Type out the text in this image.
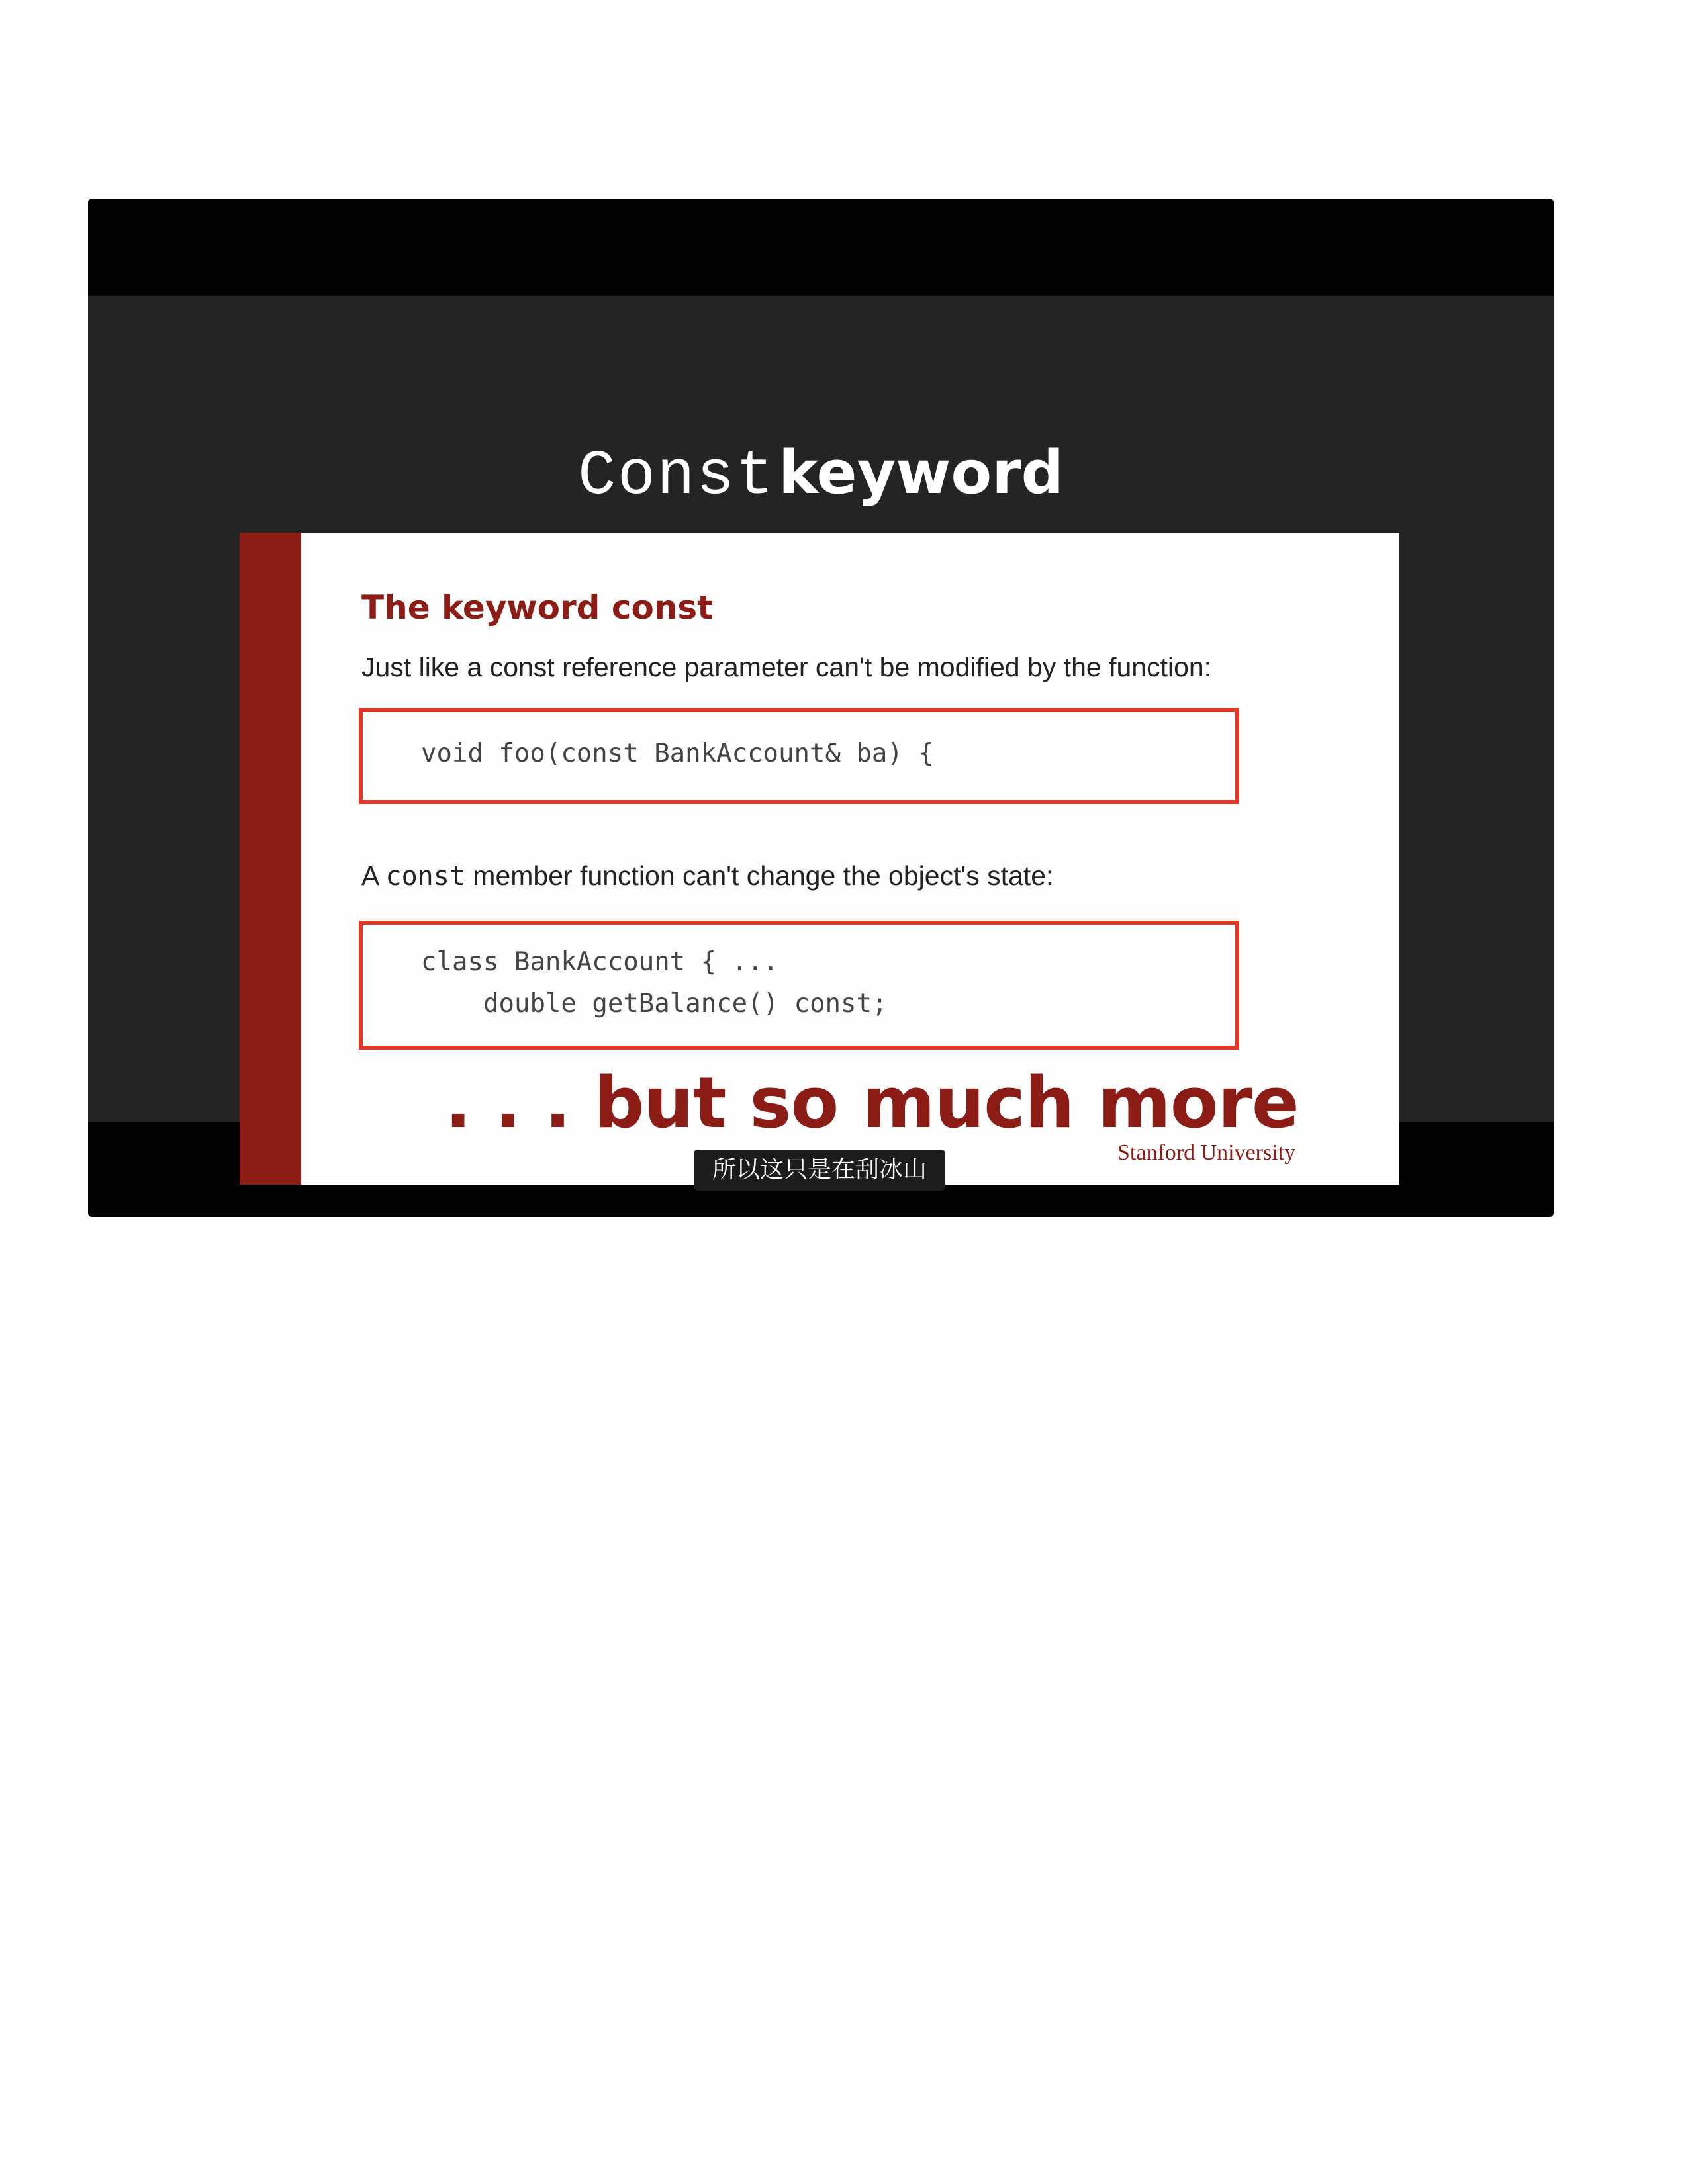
Const keyword
The keyword const
Just like a const reference parameter can't be modified by the function:
void foo(const BankAccount& ba) {
A const member function can't change the object's state:
class BankAccount { ...
double getBalance() const;
. . . but so much more
Stanford University
所以这只是在刮冰山
